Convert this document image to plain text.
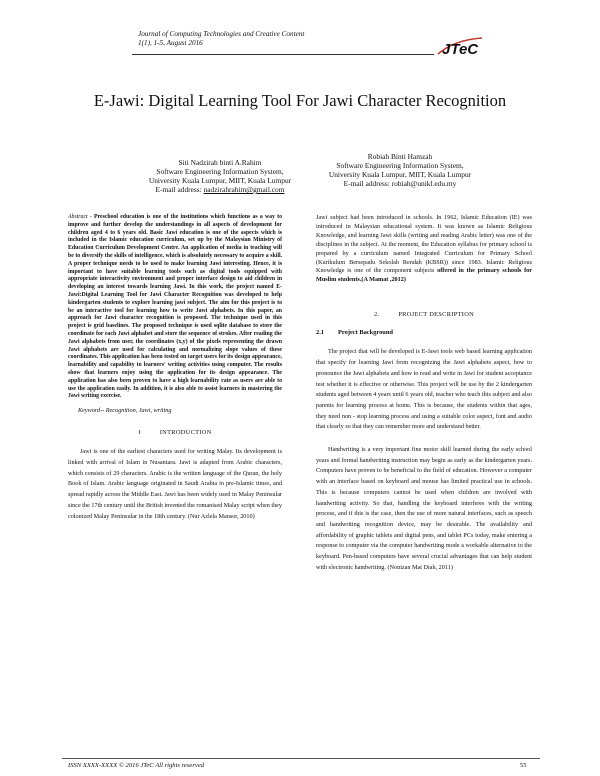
Journal of Computing Technologies and Creative Content
1(1), 1-5, August 2016	JTeC
E-Jawi: Digital Learning Tool For Jawi Character Recognition
Siti Nadzirah binti A.Rahim
Software Engineering Information System,
University Kuala Lumpur, MIIT, Kuala Lumpur
E-mail address: nadzirahrahim@gmail.com
Robiah Binti Hamzah
Software Engineering Information System,
University Kuala Lumpur, MIIT, Kuala Lumpur
E-mail address: robiah@unikl.edu.my

Abstract - Preschool education is one of the institutions which functions as a way to improve and further develop the understandings in all aspects of development for children aged 4 to 6 years old. Basic Jawi education is one of the aspects which is included in the Islamic education curriculum, set up by the Malaysian Ministry of Education Curriculum Development Centre. An application of media in teaching will be to diversify the skills of intelligence, which is absolutely necessary to acquire a skill. A proper technique needs to be used to make learning Jawi interesting. Hence, it is important to have suitable learning tools such as digital tools equipped with appropriate interactivity environment and proper interface design to aid children in developing an interest towards learning Jawi. In this work, the project named E-Jawi:Digital Learning Tool for Jawi Character Recognition was developed to help kindergarten students to explore learning jawi subject. The aim for this project is to be an interactive tool for learning how to write Jawi alphabets. In this paper, an approach for Jawi character recognition is proposed. The technique used in this project is grid baselines. The proposed technique is used sqlite database to store the coordinate for each Jawi alphabet and store the sequence of strokes. After reading the Jawi alphabets from user, the coordinates (x,y) of the pixels representing the drawn Jawi alphabets are used for calculating and normalizing slope values of these coordinates. This application has been tested on target users for its design appearance, learnability and capability to learners' writing activities using computer. The results show that learners enjoy using the application for its design appearance. The application has also been proven to have a high learnability rate as users are able to use the application easily. In addition, it is also able to assist learners in mastering the Jawi writing exercise.

Keyword-- Recognition, Jawi, writing

I          INTRODUCTION

Jawi is one of the earliest characters used for writing Malay. Its development is linked with arrival of Islam in Nusantara. Jawi is adapted from Arabic characters, which consists of 29 characters. Arabic is the written language of the Quran, the holy Book of Islam. Arabic language originated in Saudi Arabia in pre-Islamic times, and spread rapidly across the Middle East. Jawi has been widely used in Malay Peninsular since the 17th century until the British invented the romanised Malay script when they colonized Malay Peninsular in the 18th century. (Nur Azlela Mansor, 2010)

Jawi subject had been introduced in schools. In 1962, Islamic Education (IE) was introduced in Malaysian educational system. It was known as Islamic Religious Knowledge, and learning Jawi skills (writing and reading Arabic letter) was one of the disciplines in the subject. At the moment, the Education syllabus for primary school is prepared by a curriculum named Integrated Curriculum for Primary School (Kurikulum Bersepadu Sekolah Rendah (KBSR)) since 1983. Islamic Religious Knowledge is one of the component subjects offered in the primary schools for Muslim students.(A Mamat ,2012)

2.          PROJECT DESCRIPTION

2.1 Project Background

The project that will be developed is E-Jawi tools web based learning application that specify for learning Jawi from recognizing the Jawi alphabets aspect, how to pronounce the Jawi alphabets and how to read and write in Jawi for student acceptance test whether it is effective or otherwise. This project will be use by the 2 kindergarten students aged between 4 years until 6 years old, teacher who teach this subject and also parents for learning process at home. This is because, the students within that ages, they need non - stop learning process and using a suitable color aspect, font and audio that clearly so that they can remember more and understand better.

Handwriting is a very important fine motor skill learned during the early school years and formal handwriting instruction may begin as early as the kindergarten years. Computers have proven to be beneficial to the field of education. However a computer with an interface based on keyboard and mouse has limited practical use in schools. This is because computers cannot be used when children are involved with handwriting activity. So that, handling the keyboard interferes with the writing process, and if this is the case, then the use of more natural interfaces, such as speech and handwriting recognition device, may be desirable. The availability and affordability of graphic tablets and digital pens, and tablet PCs today, make entering a response to computer via the computer handwriting mode a workable alternative to the keyboard. Pen-based computers have several crucial advantages that can help student with electronic handwriting. (Nonizan Mat Diah, 2011)

ISSN XXXX-XXXX © 2016 JTeC All rights reserved	55
